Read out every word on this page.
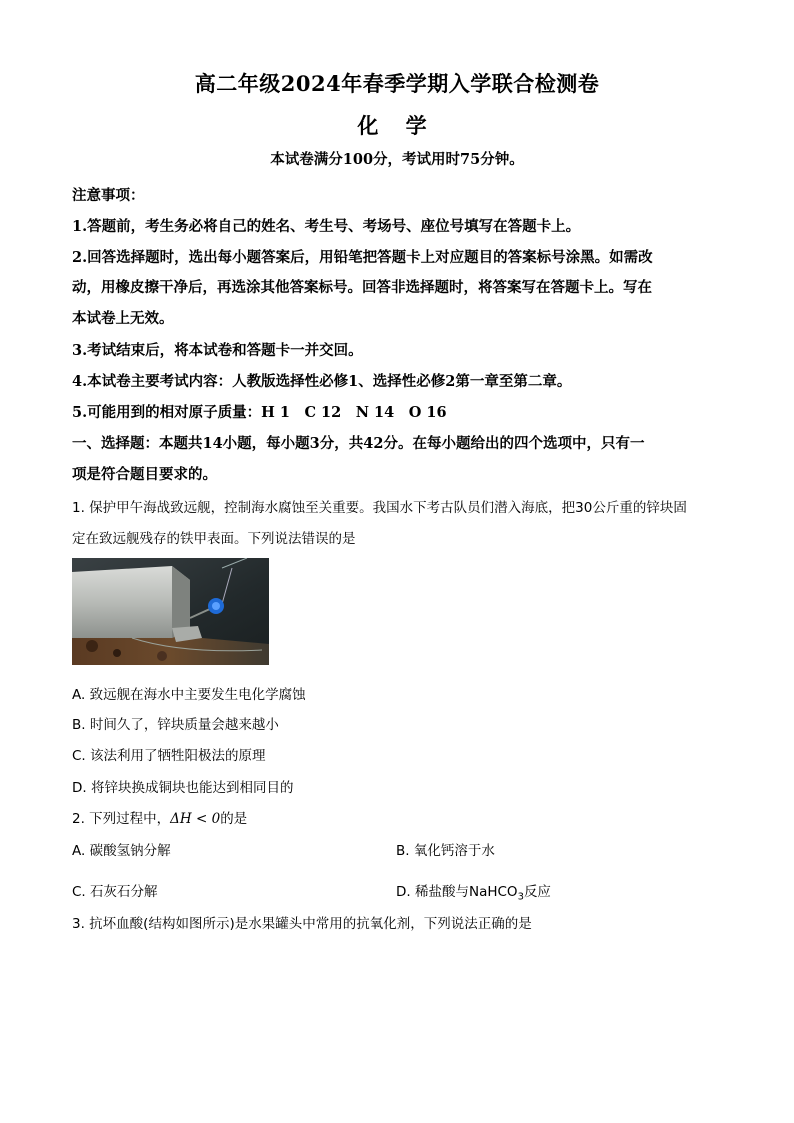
高二年级2024年春季学期入学联合检测卷
化 学
本试卷满分100分，考试用时75分钟。
注意事项：
1.答题前，考生务必将自己的姓名、考生号、考场号、座位号填写在答题卡上。
2.回答选择题时，选出每小题答案后，用铅笔把答题卡上对应题目的答案标号涂黑。如需改
动，用橡皮擦干净后，再选涂其他答案标号。回答非选择题时，将答案写在答题卡上。写在
本试卷上无效。
3.考试结束后，将本试卷和答题卡一并交回。
4.本试卷主要考试内容：人教版选择性必修1、选择性必修2第一章至第二章。
5.可能用到的相对原子质量：H 1　C 12　N 14　O 16
一、选择题：本题共14小题，每小题3分，共42分。在每小题给出的四个选项中，只有一
项是符合题目要求的。
1. 保护甲午海战致远舰，控制海水腐蚀至关重要。我国水下考古队员们潜入海底，把30公斤重的锌块固
定在致远舰残存的铁甲表面。下列说法错误的是
A. 致远舰在海水中主要发生电化学腐蚀
B. 时间久了，锌块质量会越来越小
C. 该法利用了牺牲阳极法的原理
D. 将锌块换成铜块也能达到相同目的
2. 下列过程中，ΔH < 0的是
A. 碳酸氢钠分解	B. 氧化钙溶于水
C. 石灰石分解	D. 稀盐酸与NaHCO$_3$反应
3. 抗坏血酸(结构如图所示)是水果罐头中常用的抗氧化剂，下列说法正确的是
